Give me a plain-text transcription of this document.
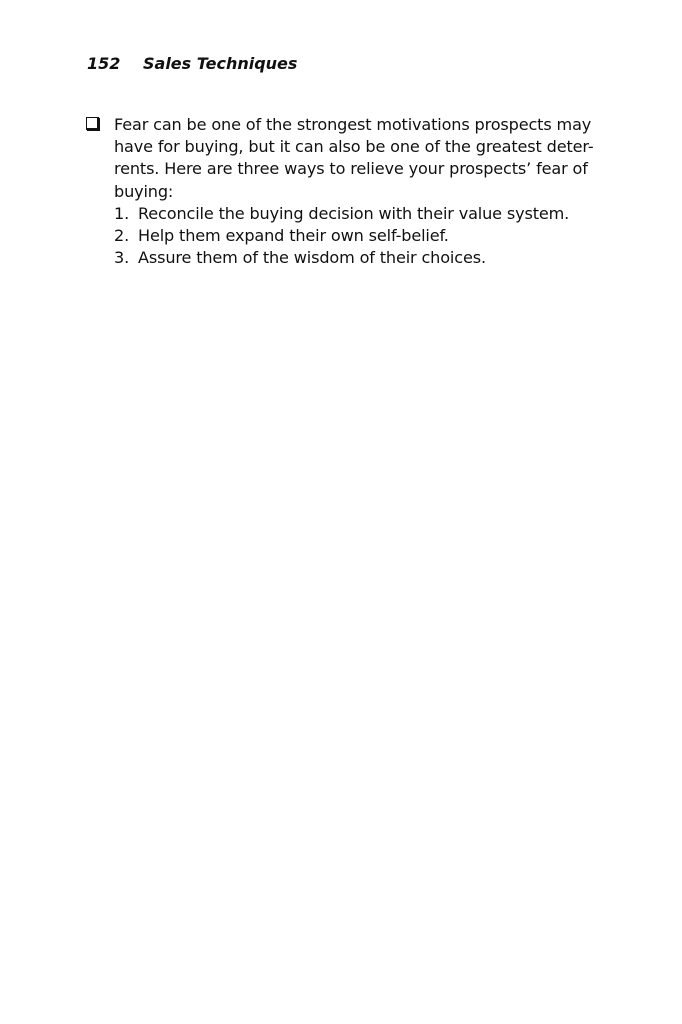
152 Sales Techniques

Fear can be one of the strongest motivations prospects may
have for buying, but it can also be one of the greatest deter-
rents. Here are three ways to relieve your prospects’ fear of
buying:

1. Reconcile the buying decision with their value system.
2. Help them expand their own self-belief.
3. Assure them of the wisdom of their choices.
